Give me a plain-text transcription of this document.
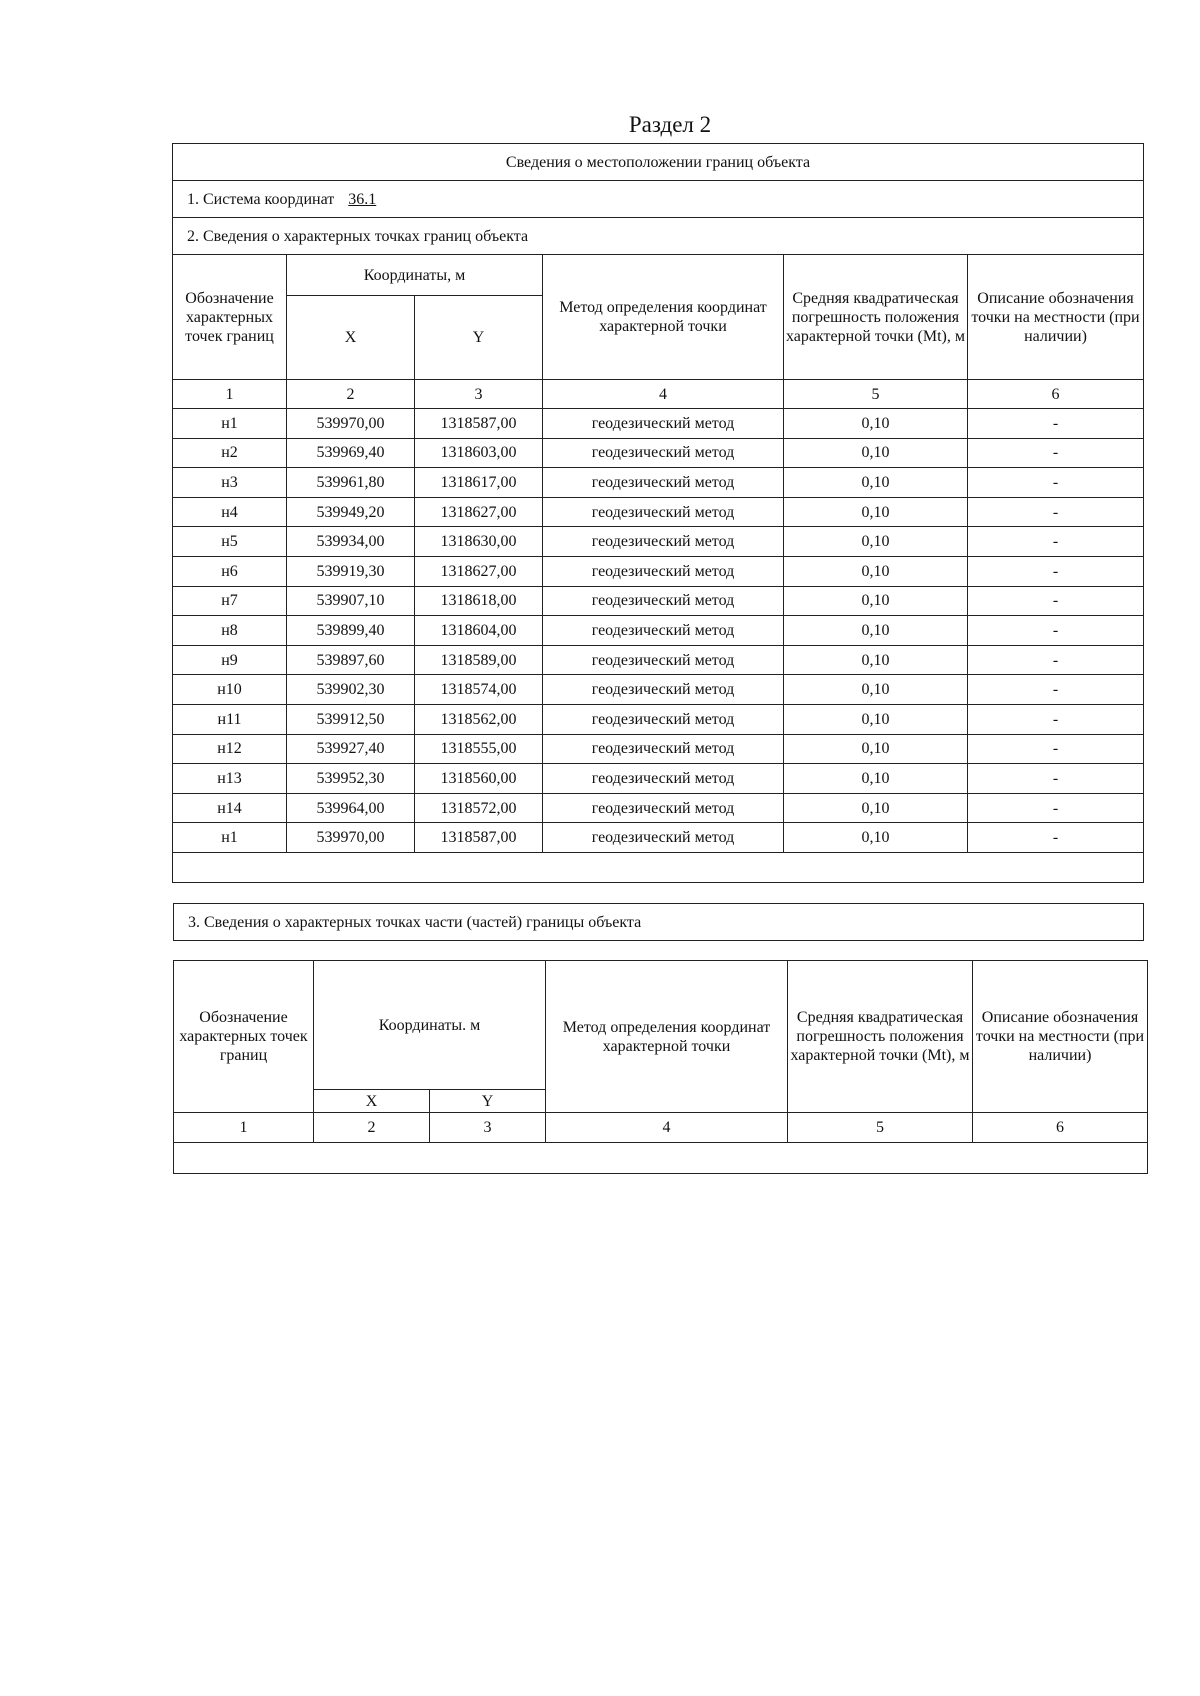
Раздел 2
Сведения о местоположении границ объекта					
1. Система координат 36.1					
2. Сведения о характерных точках границ объекта					
Обозначение характерных точек границ	Координаты, м		Метод определения координат характерной точки	Средняя квадратическая погрешность положения характерной точки (Mt), м	Описание обозначения точки на местности (при наличии)
	X	Y			
1	2	3	4	5	6
н1	539970,00	1318587,00	геодезический метод	0,10	-
н2	539969,40	1318603,00	геодезический метод	0,10	-
н3	539961,80	1318617,00	геодезический метод	0,10	-
н4	539949,20	1318627,00	геодезический метод	0,10	-
н5	539934,00	1318630,00	геодезический метод	0,10	-
н6	539919,30	1318627,00	геодезический метод	0,10	-
н7	539907,10	1318618,00	геодезический метод	0,10	-
н8	539899,40	1318604,00	геодезический метод	0,10	-
н9	539897,60	1318589,00	геодезический метод	0,10	-
н10	539902,30	1318574,00	геодезический метод	0,10	-
н11	539912,50	1318562,00	геодезический метод	0,10	-
н12	539927,40	1318555,00	геодезический метод	0,10	-
н13	539952,30	1318560,00	геодезический метод	0,10	-
н14	539964,00	1318572,00	геодезический метод	0,10	-
н1	539970,00	1318587,00	геодезический метод	0,10	-

3. Сведения о характерных точках части (частей) границы объекта
Обозначение характерных точек границ	Координаты. м		Метод определения координат характерной точки	Средняя квадратическая погрешность положения характерной точки (Mt), м	Описание обозначения точки на местности (при наличии)
	X	Y			
1	2	3	4	5	6
